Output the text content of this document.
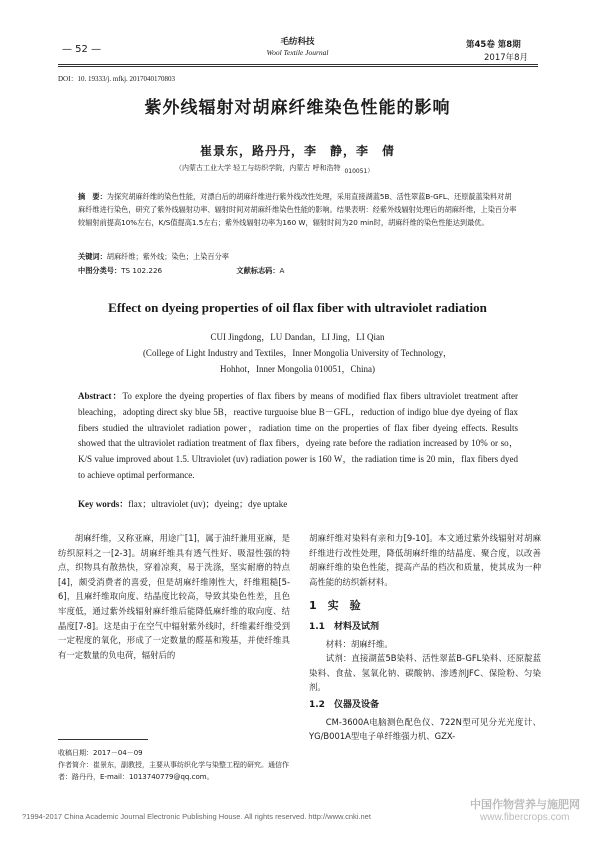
毛纺科技
Wool Textile Journal
— 52 —	第45卷 第8期
2017年8月
DOI：10. 19333/j. mfkj. 2017040170803
紫外线辐射对胡麻纤维染色性能的影响
崔景东，路丹丹，李　静，李　倩
（内蒙古工业大学 轻工与纺织学院，内蒙古 呼和浩特 010051）
摘　要：为探究胡麻纤维的染色性能，对漂白后的胡麻纤维进行紫外线改性处理，采用直接湖蓝5B、活性翠蓝B-GFL、还原靛蓝染料对胡麻纤维进行染色，研究了紫外线辐射功率、辐射时间对胡麻纤维染色性能的影响。结果表明：经紫外线辐射处理后的胡麻纤维，上染百分率较辐射前提高10%左右，K/S值提高1.5左右；紫外线辐射功率为160 W，辐射时间为20 min时，胡麻纤维的染色性能达到最优。
关键词：胡麻纤维；紫外线；染色；上染百分率
中图分类号：TS 102.226	文献标志码：A
Effect on dyeing properties of oil flax fiber with ultraviolet radiation
CUI Jingdong，LU Dandan，LI Jing，LI Qian
(College of Light Industry and Textiles，Inner Mongolia University of Technology，
Hohhot，Inner Mongolia 010051，China)
Abstract：To explore the dyeing properties of flax fibers by means of modified flax fibers ultraviolet treatment after bleaching，adopting direct sky blue 5B，reactive turguoise blue B－GFL，reduction of indigo blue dye dyeing of flax fibers studied the ultraviolet radiation power，radiation time on the properties of flax fiber dyeing effects. Results showed that the ultraviolet radiation treatment of flax fibers，dyeing rate before the radiation increased by 10% or so，K/S value improved about 1.5. Ultraviolet (uv) radiation power is 160 W，the radiation time is 20 min，flax fibers dyed to achieve optimal performance.
Key words：flax；ultraviolet (uv)；dyeing；dye uptake

胡麻纤维，又称亚麻，用途广[1]，属于油纤兼用亚麻，是纺织原料之一[2-3]。胡麻纤维具有透气性好、吸湿性强的特点，织物具有散热快，穿着凉爽，易于洗涤，坚实耐磨的特点[4]，颇受消费者的喜爱，但是胡麻纤维刚性大，纤维粗糙[5-6]，且麻纤维取向度、结晶度比较高，导致其染色性差，且色牢度低，通过紫外线辐射麻纤维后能降低麻纤维的取向度、结晶度[7-8]。这是由于在空气中辐射紫外线时，纤维素纤维受到一定程度的氧化，形成了一定数量的醛基和羧基，并使纤维具有一定数量的负电荷，辐射后的

胡麻纤维对染料有亲和力[9-10]。本文通过紫外线辐射对胡麻纤维进行改性处理，降低胡麻纤维的结晶度、聚合度，以改善胡麻纤维的染色性能，提高产品的档次和质量，使其成为一种高性能的纺织新材料。

1　实　验
1.1　材料及试剂

材料：胡麻纤维。

试剂：直接湖蓝5B染料、活性翠蓝B-GFL染料、还原靛蓝染料、食盐、氢氧化钠、碳酸钠、渗透剂JFC、保险粉、匀染剂。

1.2　仪器及设备

CM-3600A电脑测色配色仪、722N型可见分光光度计、YG/B001A型电子单纤维强力机、GZX-

收稿日期：2017－04－09
作者简介：崔景东，副教授，主要从事纺织化学与染整工程的研究。通信作者：路丹丹，E-mail：1013740779@qq.com。
?1994-2017 China Academic Journal Electronic Publishing House. All rights reserved. http://www.cnki.net
中国作物营养与施肥网
www.fibercrops.com
